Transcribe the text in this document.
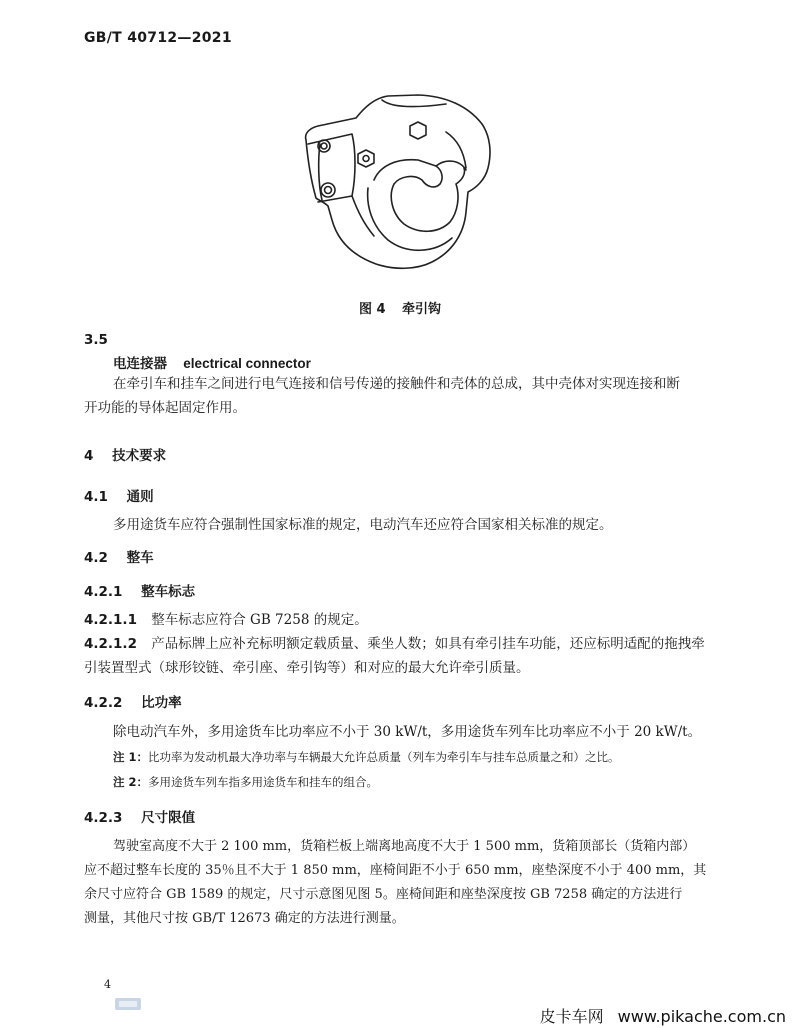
GB/T 40712—2021
图 4 牵引钩
3.5
电连接器 electrical connector
在牵引车和挂车之间进行电气连接和信号传递的接触件和壳体的总成，其中壳体对实现连接和断
开功能的导体起固定作用。
4 技术要求
4.1 通则
多用途货车应符合强制性国家标准的规定，电动汽车还应符合国家相关标准的规定。
4.2 整车
4.2.1 整车标志
4.2.1.1 整车标志应符合 GB 7258 的规定。
4.2.1.2 产品标牌上应补充标明额定载质量、乘坐人数；如具有牵引挂车功能，还应标明适配的拖拽牵
引装置型式（球形铰链、牵引座、牵引钩等）和对应的最大允许牵引质量。
4.2.2 比功率
除电动汽车外，多用途货车比功率应不小于 30 kW/t，多用途货车列车比功率应不小于 20 kW/t。
注 1：比功率为发动机最大净功率与车辆最大允许总质量（列车为牵引车与挂车总质量之和）之比。
注 2：多用途货车列车指多用途货车和挂车的组合。
4.2.3 尺寸限值
驾驶室高度不大于 2 100 mm，货箱栏板上端离地高度不大于 1 500 mm，货箱顶部长（货箱内部）
应不超过整车长度的 35％且不大于 1 850 mm，座椅间距不小于 650 mm，座垫深度不小于 400 mm，其
余尺寸应符合 GB 1589 的规定，尺寸示意图见图 5。座椅间距和座垫深度按 GB 7258 确定的方法进行
测量，其他尺寸按 GB/T 12673 确定的方法进行测量。
4
皮卡车网 www.pikache.com.cn
